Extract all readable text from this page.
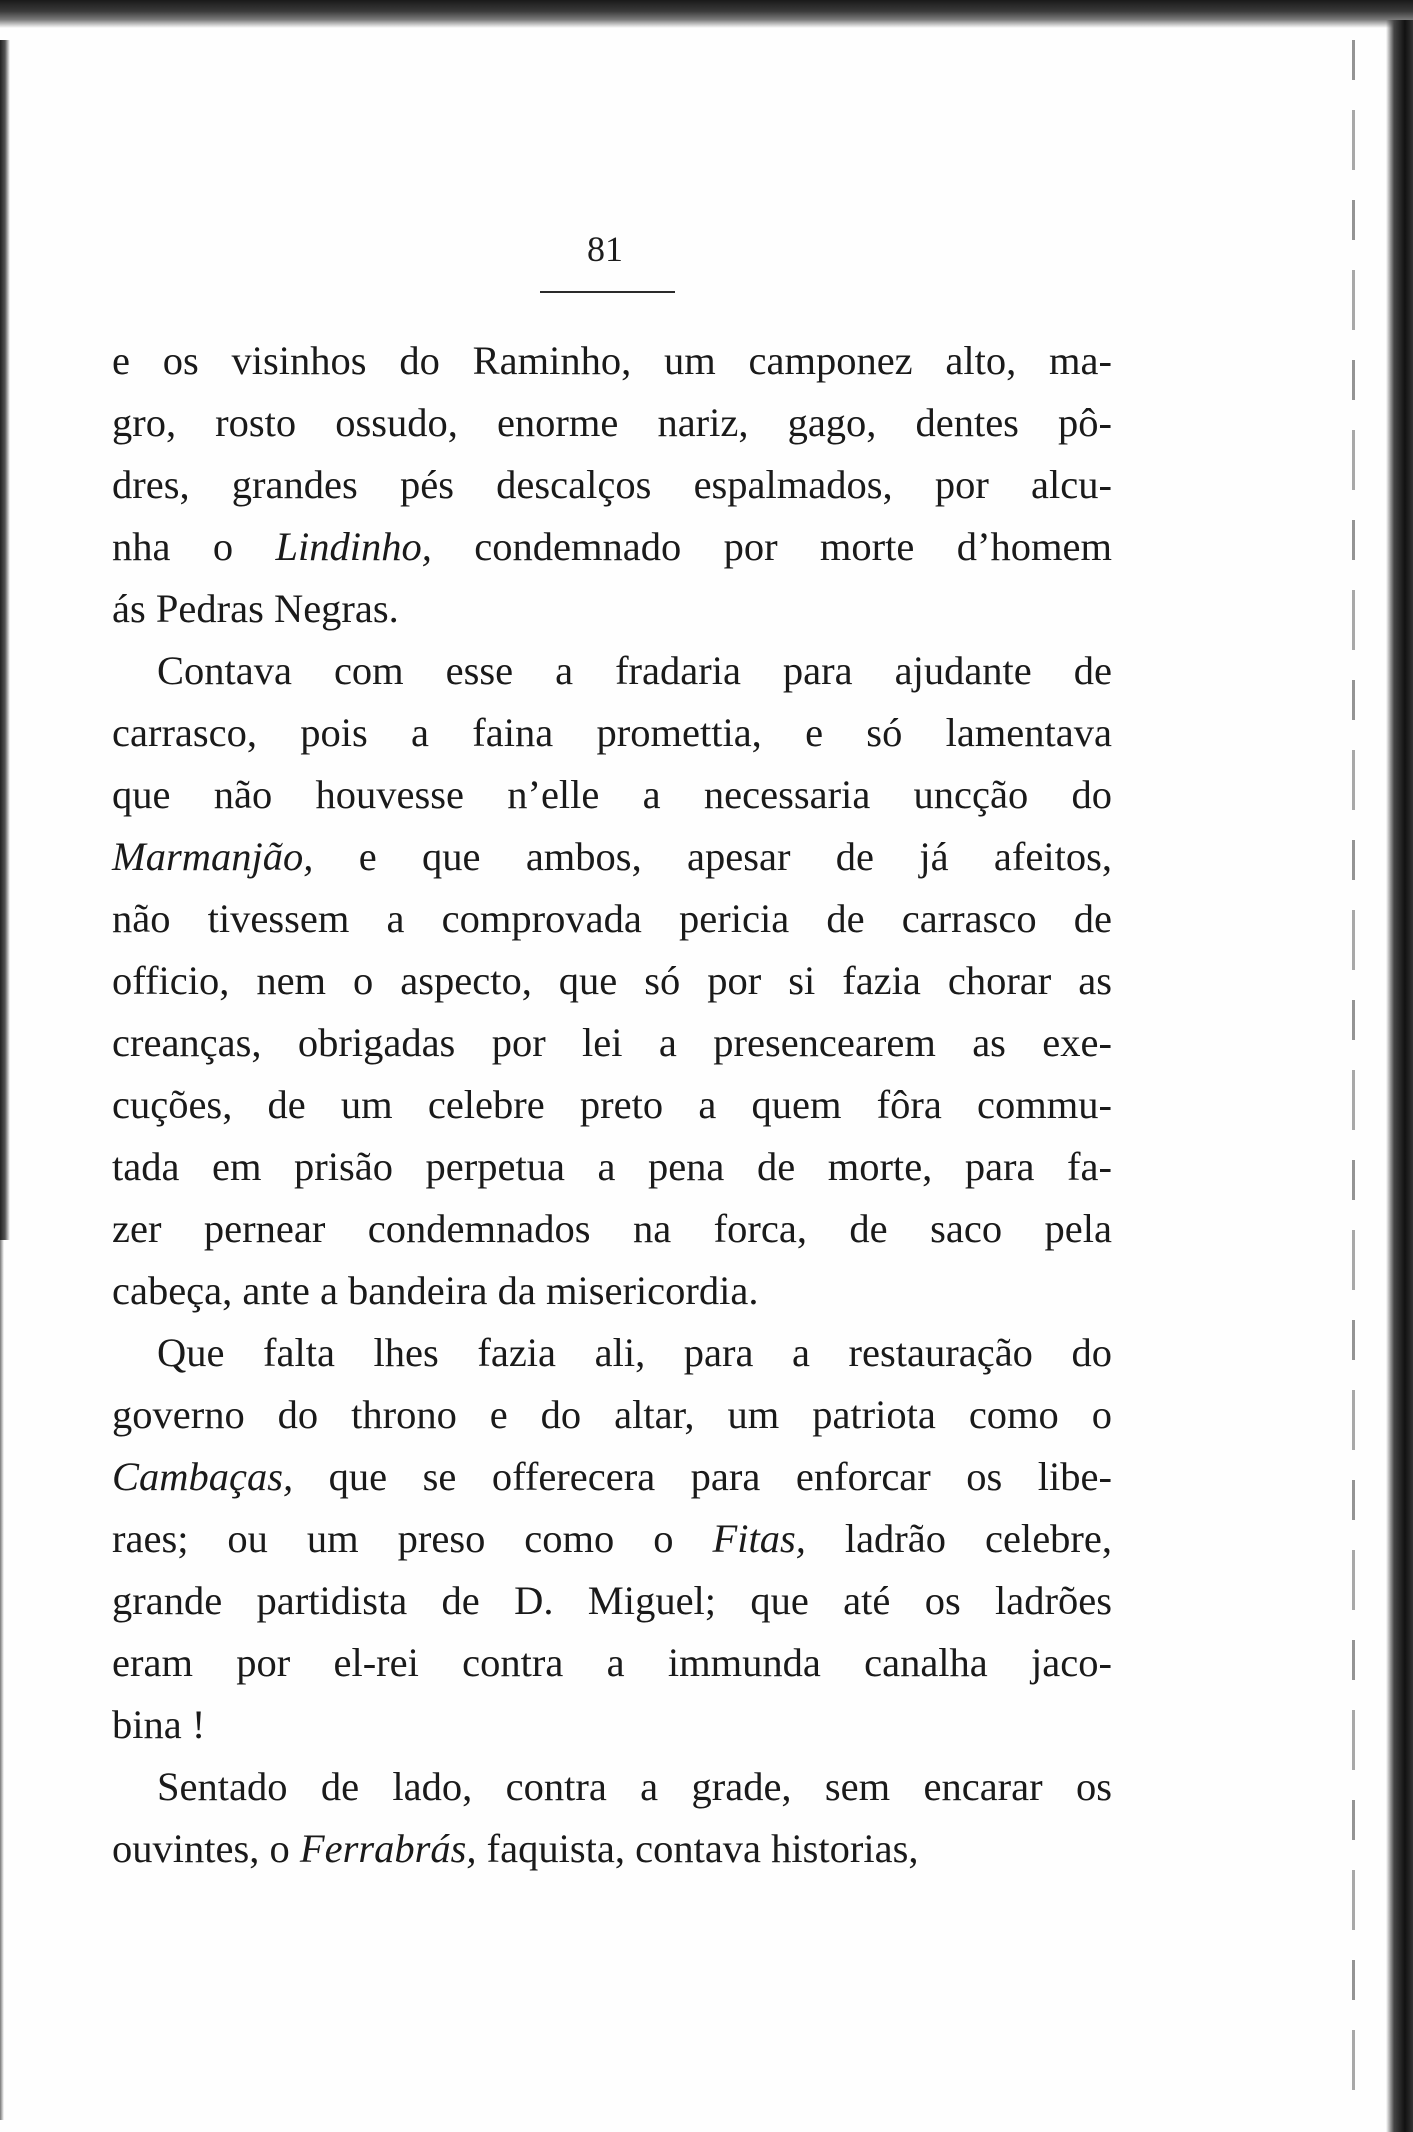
81
e os visinhos do Raminho, um camponez alto, ma-
gro, rosto ossudo, enorme nariz, gago, dentes pô-
dres, grandes pés descalços espalmados, por alcu-
nha o Lindinho, condemnado por morte d’homem
ás Pedras Negras.
Contava com esse a fradaria para ajudante de
carrasco, pois a faina promettia, e só lamentava
que não houvesse n’elle a necessaria uncção do
Marmanjão, e que ambos, apesar de já afeitos,
não tivessem a comprovada pericia de carrasco de
officio, nem o aspecto, que só por si fazia chorar as
creanças, obrigadas por lei a presencearem as exe-
cuções, de um celebre preto a quem fôra commu-
tada em prisão perpetua a pena de morte, para fa-
zer pernear condemnados na forca, de saco pela
cabeça, ante a bandeira da misericordia.
Que falta lhes fazia ali, para a restauração do
governo do throno e do altar, um patriota como o
Cambaças, que se offerecera para enforcar os libe-
raes; ou um preso como o Fitas, ladrão celebre,
grande partidista de D. Miguel; que até os ladrões
eram por el-rei contra a immunda canalha jaco-
bina !
Sentado de lado, contra a grade, sem encarar os
ouvintes, o Ferrabrás, faquista, contava historias,
